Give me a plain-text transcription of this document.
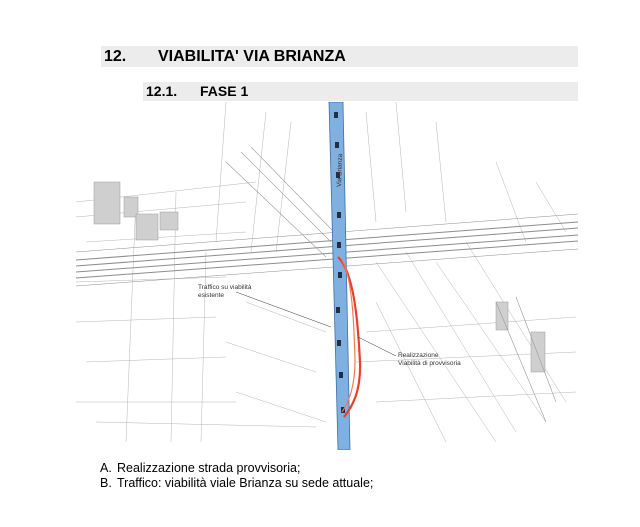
12. VIABILITA' VIA BRIANZA
12.1. FASE 1
Via Brianza
Traffico su viabilità
esistente
Realizzazione
Viabilità di provvisoria
A. Realizzazione strada provvisoria;
B. Traffico: viabilità viale Brianza su sede attuale;
